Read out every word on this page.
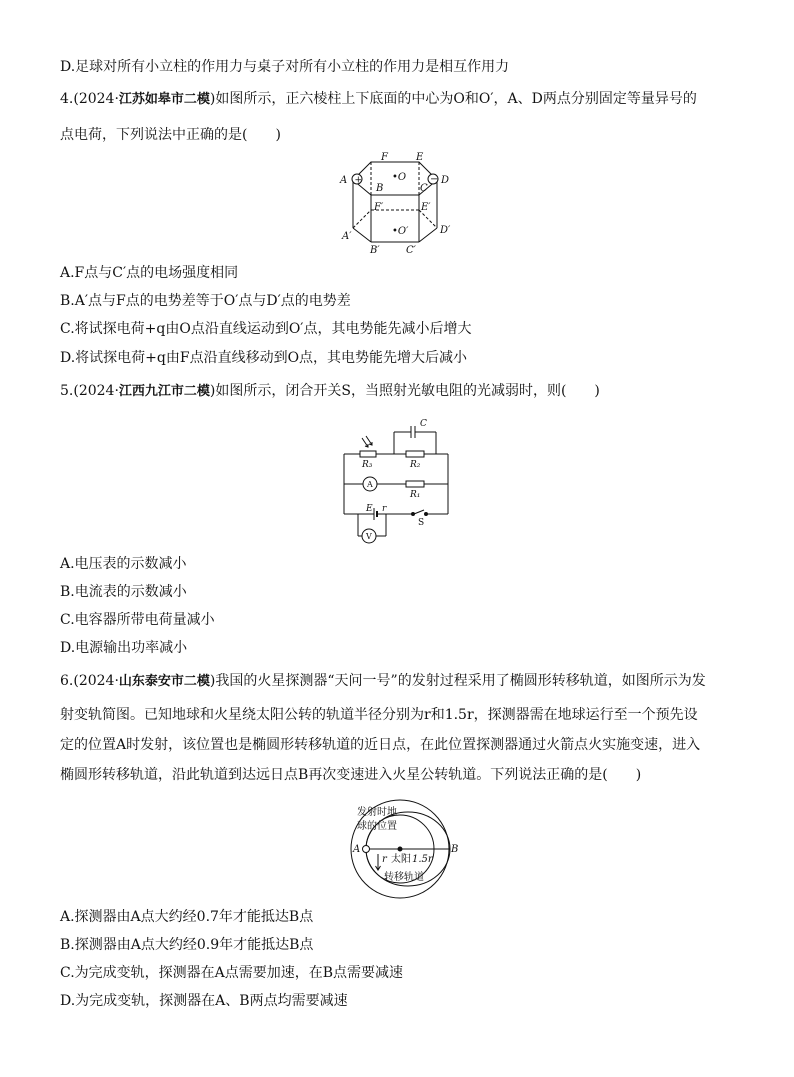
D.足球对所有小立柱的作用力与桌子对所有小立柱的作用力是相互作用力
4.(2024·江苏如皋市二模)如图所示，正六棱柱上下底面的中心为O和O′，A、D两点分别固定等量异号的
点电荷，下列说法中正确的是(　　)
+	−
A
B	C
D
E
F
•O
F′	E′
A′
D′
B′	C′
•O′
A.F点与C′点的电场强度相同
B.A′点与F点的电势差等于O′点与D′点的电势差
C.将试探电荷+q由O点沿直线运动到O′点，其电势能先减小后增大
D.将试探电荷+q由F点沿直线移动到O点，其电势能先增大后减小
5.(2024·江西九江市二模)如图所示，闭合开关S，当照射光敏电阻的光减弱时，则(　　)
C
R₃	R₂
R₁
A
V
E r
S
A.电压表的示数减小
B.电流表的示数减小
C.电容器所带电荷量减小
D.电源输出功率减小
6.(2024·山东泰安市二模)我国的火星探测器“天问一号”的发射过程采用了椭圆形转移轨道，如图所示为发
射变轨简图。已知地球和火星绕太阳公转的轨道半径分别为r和1.5r，探测器需在地球运行至一个预先设
定的位置A时发射，该位置也是椭圆形转移轨道的近日点，在此位置探测器通过火箭点火实施变速，进入
椭圆形转移轨道，沿此轨道到达远日点B再次变速进入火星公转轨道。下列说法正确的是(　　)
发射时地
球的位置
A	B
r 太阳 1.5r
转移轨道
A.探测器由A点大约经0.7年才能抵达B点
B.探测器由A点大约经0.9年才能抵达B点
C.为完成变轨，探测器在A点需要加速，在B点需要减速
D.为完成变轨，探测器在A、B两点均需要减速
